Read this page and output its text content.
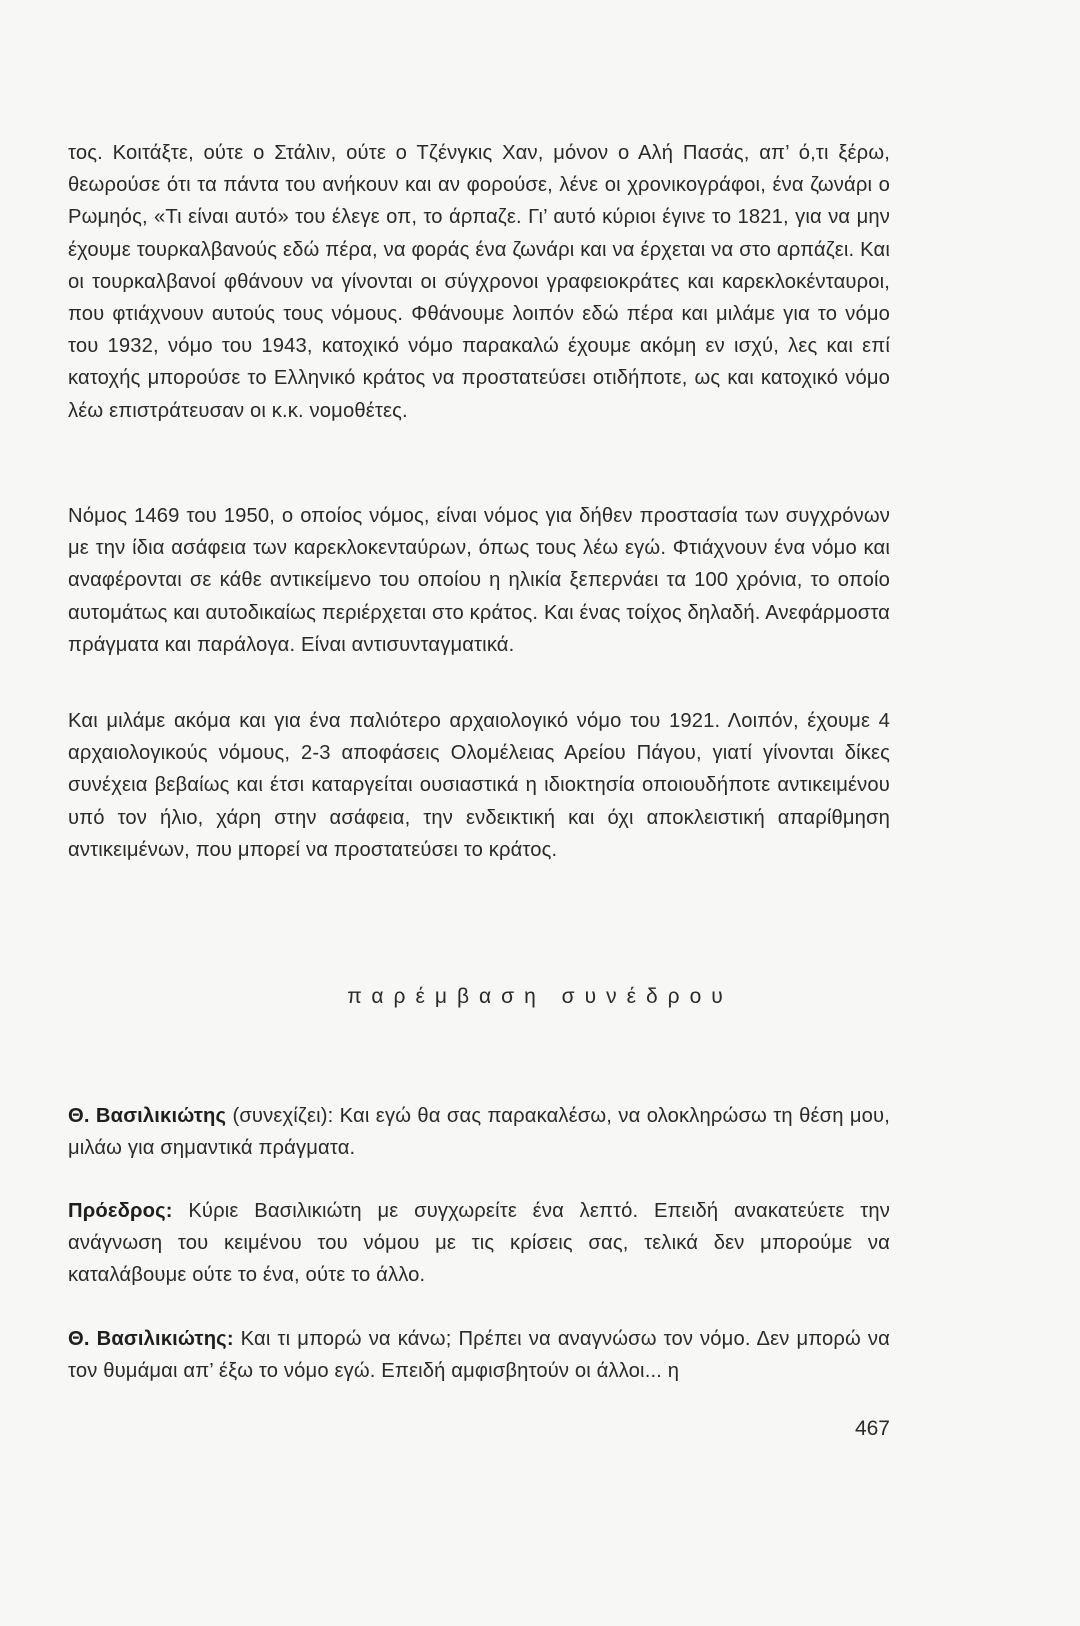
τος. Κοιτάξτε, ούτε ο Στάλιν, ούτε ο Τζένγκις Χαν, μόνον ο Αλή Πασάς, απ’ ό,τι ξέρω, θεωρούσε ότι τα πάντα του ανήκουν και αν φορούσε, λένε οι χρονικογράφοι, ένα ζωνάρι ο Ρωμηός, «Τι είναι αυτό» του έλεγε οπ, το άρπαζε. Γι’ αυτό κύριοι έγινε το 1821, για να μην έχουμε τουρκαλβανούς εδώ πέρα, να φοράς ένα ζωνάρι και να έρχεται να στο αρπάζει. Και οι τουρκαλβανοί φθάνουν να γίνονται οι σύγχρονοι γραφειοκράτες και καρεκλοκένταυροι, που φτιάχνουν αυτούς τους νόμους. Φθάνουμε λοιπόν εδώ πέρα και μιλάμε για το νόμο του 1932, νόμο του 1943, κατοχικό νόμο παρακαλώ έχουμε ακόμη εν ισχύ, λες και επί κατοχής μπορούσε το Ελληνικό κράτος να προστατεύσει οτιδήποτε, ως και κατοχικό νόμο λέω επιστράτευσαν οι κ.κ. νομοθέτες.

Νόμος 1469 του 1950, ο οποίος νόμος, είναι νόμος για δήθεν προστασία των συγχρόνων με την ίδια ασάφεια των καρεκλοκενταύρων, όπως τους λέω εγώ. Φτιάχνουν ένα νόμο και αναφέρονται σε κάθε αντικείμενο του οποίου η ηλικία ξεπερνάει τα 100 χρόνια, το οποίο αυτομάτως και αυτοδικαίως περιέρχεται στο κράτος. Και ένας τοίχος δηλαδή. Ανεφάρμοστα πράγματα και παράλογα. Είναι αντισυνταγματικά.

Και μιλάμε ακόμα και για ένα παλιότερο αρχαιολογικό νόμο του 1921. Λοιπόν, έχουμε 4 αρχαιολογικούς νόμους, 2-3 αποφάσεις Ολομέλειας Αρείου Πάγου, γιατί γίνονται δίκες συνέχεια βεβαίως και έτσι καταργείται ουσιαστικά η ιδιοκτησία οποιουδήποτε αντικειμένου υπό τον ήλιο, χάρη στην ασάφεια, την ενδεικτική και όχι αποκλειστική απαρίθμηση αντικειμένων, που μπορεί να προστατεύσει το κράτος.

παρέμβαση συνέδρου

Θ. Βασιλικιώτης (συνεχίζει): Και εγώ θα σας παρακαλέσω, να ολοκληρώσω τη θέση μου, μιλάω για σημαντικά πράγματα.

Πρόεδρος: Κύριε Βασιλικιώτη με συγχωρείτε ένα λεπτό. Επειδή ανακατεύετε την ανάγνωση του κειμένου του νόμου με τις κρίσεις σας, τελικά δεν μπορούμε να καταλάβουμε ούτε το ένα, ούτε το άλλο.

Θ. Βασιλικιώτης: Και τι μπορώ να κάνω; Πρέπει να αναγνώσω τον νόμο. Δεν μπορώ να τον θυμάμαι απ’ έξω το νόμο εγώ. Επειδή αμφισβητούν οι άλλοι... η

467
